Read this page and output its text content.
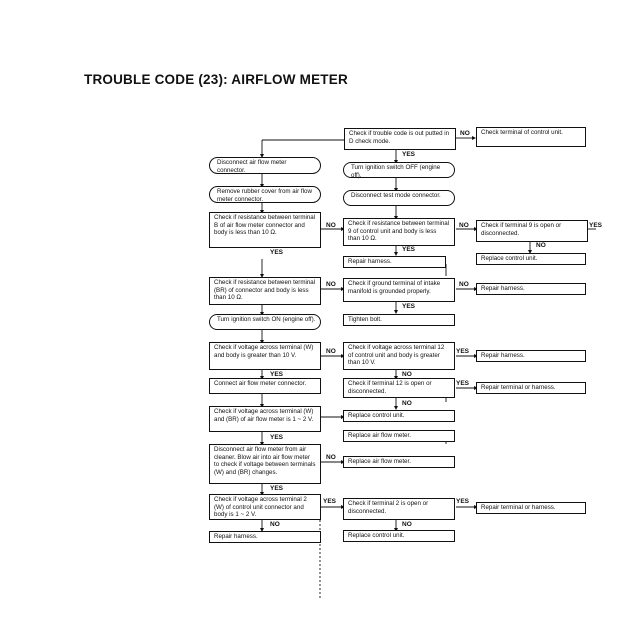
TROUBLE CODE (23): AIRFLOW METER
Check if trouble code is out putted in D check mode.
NO	Check terminal of control unit.
YES
Disconnect air flow meter connector.	Turn ignition switch OFF (engine off).
Remove rubber cover from air flow meter connector.
Disconnect test mode connector.
Check if resistance between terminal B of air flow meter connector and body is less than 10 Ω.
NO	Check if resistance between terminal 9 of control unit and body is less than 10 Ω.
NO	Check if terminal 9 is open or disconnected.
YES
YES	YES
NO
Repair harness.	Replace control unit.
Check if resistance between terminal (BR) of connector and body is less than 10 Ω.
NO	Check if ground terminal of intake manifold is grounded properly.
NO
Repair harness.
YES
Turn ignition switch ON (engine off).	Tighten bolt.
Check if voltage across terminal (W) and body is greater than 10 V.
NO
Check if voltage across terminal 12 of control unit and body is greater than 10 V.
YES
Repair harness.
YES	NO
Connect air flow meter connector.	Check if terminal 12 is open or disconnected.
YES
Repair terminal or harness.
NO
Check if voltage across terminal (W) and (BR) of air flow meter is 1 ~ 2 V.
Replace control unit.
Replace air flow meter.
YES
Disconnect air flow meter from air cleaner. Blow air into air flow meter to check if voltage between terminals (W) and (BR) changes.
NO
Replace air flow meter.
YES
Check if voltage across terminal 2 (W) of control unit connector and body is 1 ~ 2 V.
YES	Check if terminal 2 is open or disconnected.
YES
Repair terminal or harness.
NO	NO
Repair harness.	Replace control unit.
